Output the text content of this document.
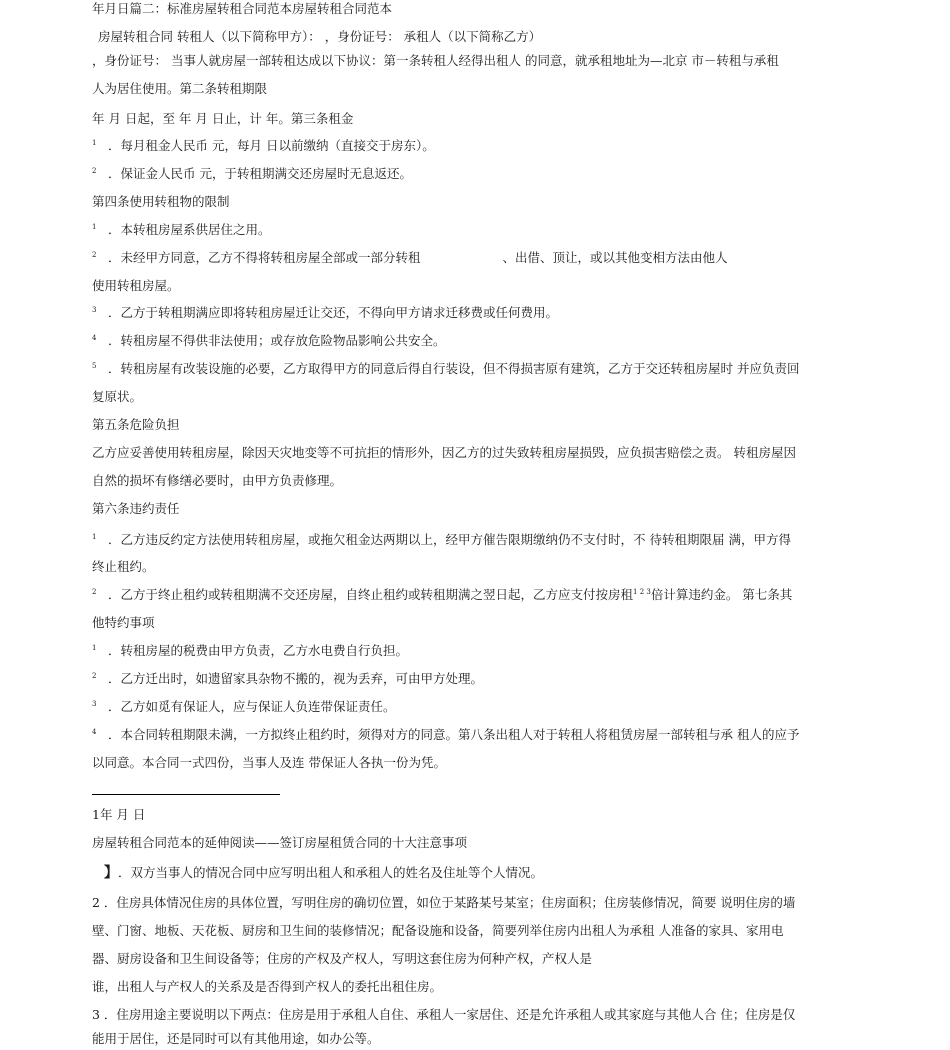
年月日篇二：标准房屋转租合同范本房屋转租合同范本
房屋转租合同 转租人（以下简称甲方）： ，身份证号： 承租人（以下简称乙方）
，身份证号： 当事人就房屋一部转租达成以下协议：第一条转租人经得出租人 的同意，就承租地址为—北京 市－转租与承租
人为居住使用。第二条转租期限
年 月 日起，至 年 月 日止，计 年。第三条租金
1 ．每月租金人民币 元，每月 日以前缴纳（直接交于房东）。
2 ．保证金人民币 元，于转租期满交还房屋时无息返还。
第四条使用转租物的限制
1 ．本转租房屋系供居住之用。
2 ．未经甲方同意，乙方不得将转租房屋全部或一部分转租	、出借、顶让，或以其他变相方法由他人
使用转租房屋。
3 ．乙方于转租期满应即将转租房屋迁让交还，不得向甲方请求迁移费或任何费用。
4 ．转租房屋不得供非法使用；或存放危险物品影响公共安全。
5 ．转租房屋有改装设施的必要，乙方取得甲方的同意后得自行装设，但不得损害原有建筑，乙方于交还转租房屋时 并应负责回
复原状。
第五条危险负担
乙方应妥善使用转租房屋，除因天灾地变等不可抗拒的情形外，因乙方的过失致转租房屋损毁，应负损害赔偿之责。 转租房屋因
自然的损坏有修缮必要时，由甲方负责修理。
第六条违约责任
1 ．乙方违反约定方法使用转租房屋，或拖欠租金达两期以上，经甲方催告限期缴纳仍不支付时，不 待转租期限届 满，甲方得
终止租约。
2 ．乙方于终止租约或转租期满不交还房屋，自终止租约或转租期满之翌日起，乙方应支付按房租$^{1 2 3}$倍计算违约金。 第七条其
他特约事项
1 ．转租房屋的税费由甲方负责，乙方水电费自行负担。
2 ．乙方迁出时，如遗留家具杂物不搬的，视为丢弃，可由甲方处理。
3 ．乙方如觅有保证人，应与保证人负连带保证责任。
4 ．本合同转租期限未满，一方拟终止租约时，须得对方的同意。第八条出租人对于转租人将租赁房屋一部转租与承 租人的应予
以同意。本合同一式四份，当事人及连 带保证人各执一份为凭。
1年 月 日
房屋转租合同范本的延伸阅读——签订房屋租赁合同的十大注意事项
】．双方当事人的情况合同中应写明出租人和承租人的姓名及住址等个人情况。
2 ．住房具体情况住房的具体位置，写明住房的确切位置，如位于某路某号某室；住房面积；住房装修情况，简要 说明住房的墙
壁、门窗、地板、天花板、厨房和卫生间的装修情况；配备设施和设备，简要列举住房内出租人为承租 人准备的家具、家用电
器、厨房设备和卫生间设备等；住房的产权及产权人，写明这套住房为何种产权，产权人是
谁，出租人与产权人的关系及是否得到产权人的委托出租住房。
3 ．住房用途主要说明以下两点：住房是用于承租人自住、承租人一家居住、还是允许承租人或其家庭与其他人合 住；住房是仅
能用于居住，还是同时可以有其他用途，如办公等。
